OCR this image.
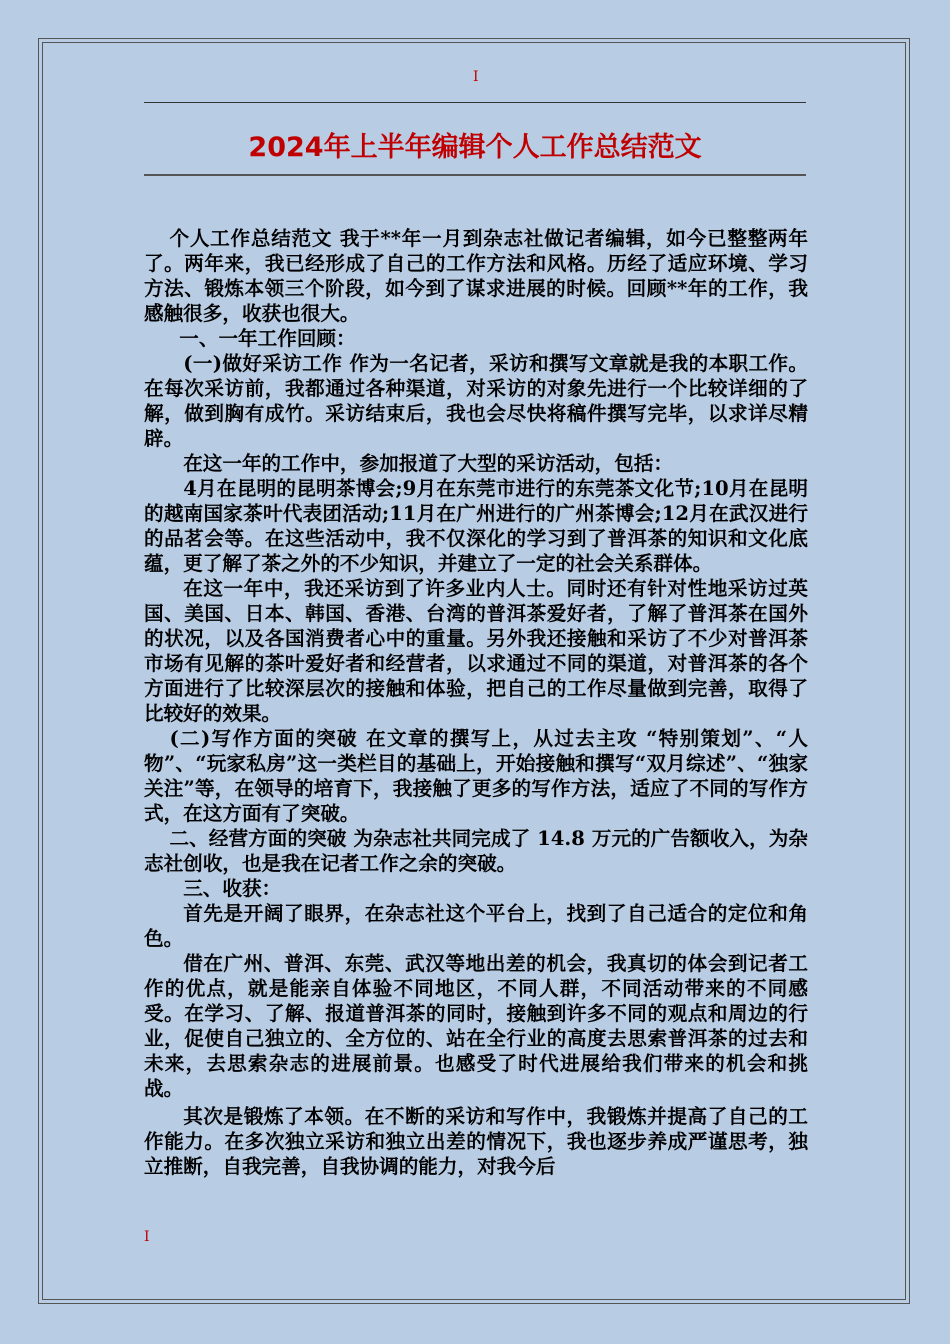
I
2024年上半年编辑个人工作总结范文

个人工作总结范文 我于**年一月到杂志社做记者编辑，如今已整整两年了。两年来，我已经形成了自己的工作方法和风格。历经了适应环境、学习方法、锻炼本领三个阶段，如今到了谋求进展的时候。回顾**年的工作，我感触很多，收获也很大。

一、一年工作回顾：

(一)做好采访工作 作为一名记者，采访和撰写文章就是我的本职工作。在每次采访前，我都通过各种渠道，对采访的对象先进行一个比较详细的了解，做到胸有成竹。采访结束后，我也会尽快将稿件撰写完毕，以求详尽精辟。

在这一年的工作中，参加报道了大型的采访活动，包括：

4月在昆明的昆明茶博会;9月在东莞市进行的东莞茶文化节;10月在昆明的越南国家茶叶代表团活动;11月在广州进行的广州茶博会;12月在武汉进行的品茗会等。在这些活动中，我不仅深化的学习到了普洱茶的知识和文化底蕴，更了解了茶之外的不少知识，并建立了一定的社会关系群体。

在这一年中，我还采访到了许多业内人士。同时还有针对性地采访过英国、美国、日本、韩国、香港、台湾的普洱茶爱好者，了解了普洱茶在国外的状况，以及各国消费者心中的重量。另外我还接触和采访了不少对普洱茶市场有见解的茶叶爱好者和经营者，以求通过不同的渠道，对普洱茶的各个方面进行了比较深层次的接触和体验，把自己的工作尽量做到完善，取得了比较好的效果。

(二)写作方面的突破 在文章的撰写上，从过去主攻 “特别策划”、“人物”、“玩家私房”这一类栏目的基础上，开始接触和撰写“双月综述”、“独家关注”等，在领导的培育下，我接触了更多的写作方法，适应了不同的写作方式，在这方面有了突破。

二、经营方面的突破 为杂志社共同完成了 14.8 万元的广告额收入，为杂志社创收，也是我在记者工作之余的突破。

三、收获：

首先是开阔了眼界，在杂志社这个平台上，找到了自己适合的定位和角色。

借在广州、普洱、东莞、武汉等地出差的机会，我真切的体会到记者工作的优点，就是能亲自体验不同地区，不同人群，不同活动带来的不同感受。在学习、了解、报道普洱茶的同时，接触到许多不同的观点和周边的行业，促使自己独立的、全方位的、站在全行业的高度去思索普洱茶的过去和未来，去思索杂志的进展前景。也感受了时代进展给我们带来的机会和挑战。

其次是锻炼了本领。在不断的采访和写作中，我锻炼并提高了自己的工作能力。在多次独立采访和独立出差的情况下，我也逐步养成严谨思考，独立推断，自我完善，自我协调的能力，对我今后

I
